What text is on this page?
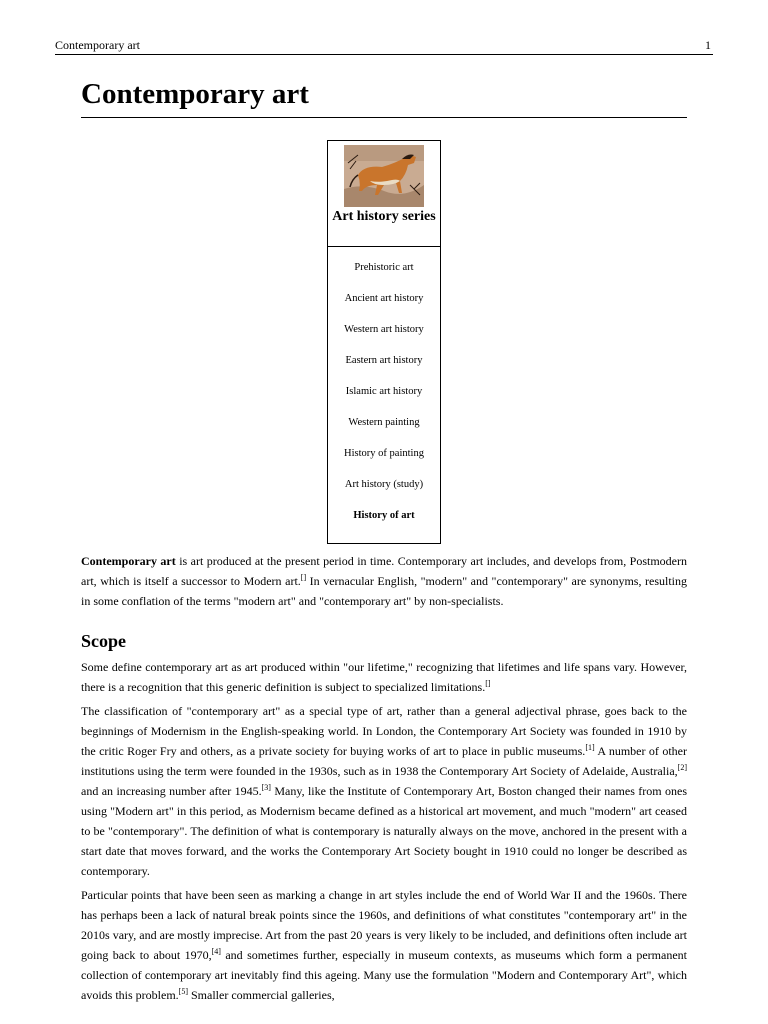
Contemporary art	1
Contemporary art
Art history series
Prehistoric art
Ancient art history
Western art history
Eastern art history
Islamic art history
Western painting
History of painting
Art history (study)
History of art

Contemporary art is art produced at the present period in time. Contemporary art includes, and develops from, Postmodern art, which is itself a successor to Modern art.[] In vernacular English, "modern" and "contemporary" are synonyms, resulting in some conflation of the terms "modern art" and "contemporary art" by non-specialists.

Scope

Some define contemporary art as art produced within "our lifetime," recognizing that lifetimes and life spans vary. However, there is a recognition that this generic definition is subject to specialized limitations.[]

The classification of "contemporary art" as a special type of art, rather than a general adjectival phrase, goes back to the beginnings of Modernism in the English-speaking world. In London, the Contemporary Art Society was founded in 1910 by the critic Roger Fry and others, as a private society for buying works of art to place in public museums.[1] A number of other institutions using the term were founded in the 1930s, such as in 1938 the Contemporary Art Society of Adelaide, Australia,[2] and an increasing number after 1945.[3] Many, like the Institute of Contemporary Art, Boston changed their names from ones using "Modern art" in this period, as Modernism became defined as a historical art movement, and much "modern" art ceased to be "contemporary". The definition of what is contemporary is naturally always on the move, anchored in the present with a start date that moves forward, and the works the Contemporary Art Society bought in 1910 could no longer be described as contemporary.

Particular points that have been seen as marking a change in art styles include the end of World War II and the 1960s. There has perhaps been a lack of natural break points since the 1960s, and definitions of what constitutes "contemporary art" in the 2010s vary, and are mostly imprecise. Art from the past 20 years is very likely to be included, and definitions often include art going back to about 1970,[4] and sometimes further, especially in museum contexts, as museums which form a permanent collection of contemporary art inevitably find this ageing. Many use the formulation "Modern and Contemporary Art", which avoids this problem.[5] Smaller commercial galleries,
